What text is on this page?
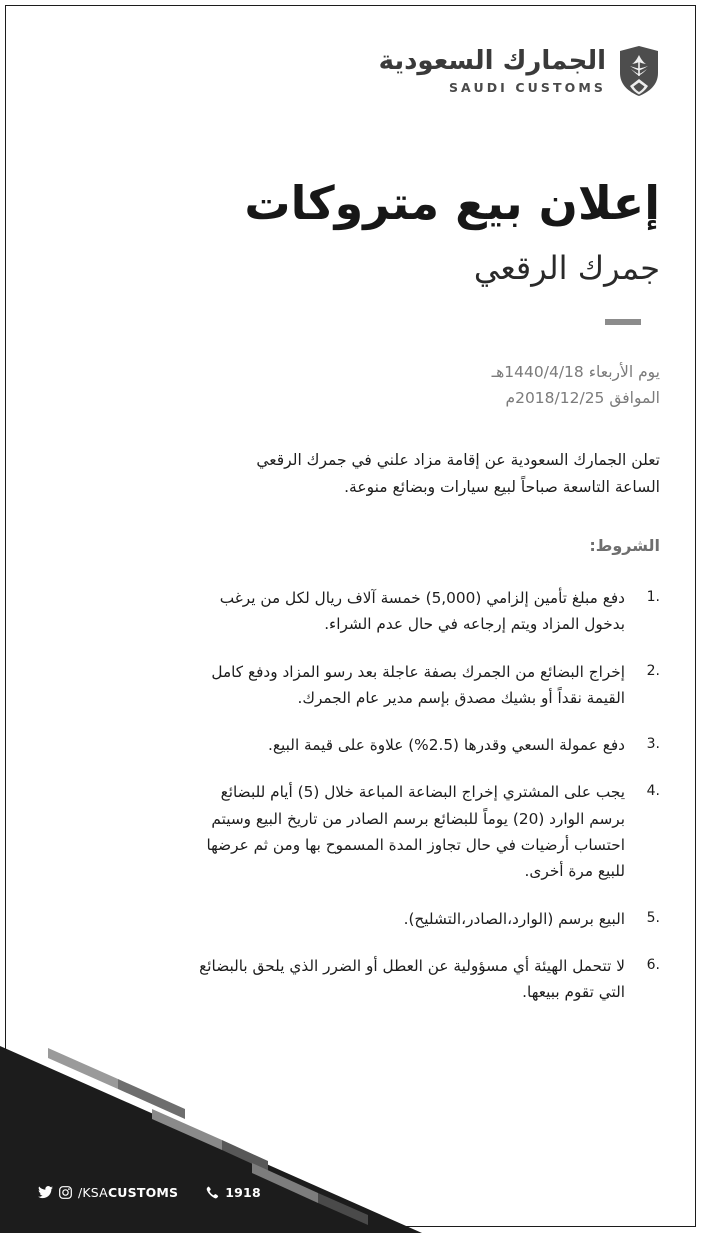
الجمارك السعودية
SAUDI CUSTOMS
إعلان بيع متروكات
جمرك الرقعي
يوم الأربعاء 1440/4/18هـ
الموافق 2018/12/25م
تعلن الجمارك السعودية عن إقامة مزاد علني في جمرك الرقعي الساعة التاسعة صباحاً لبيع سيارات وبضائع منوعة.
الشروط:
1.
دفع مبلغ تأمين إلزامي (5,000) خمسة آلاف ريال لكل من يرغب بدخول المزاد ويتم إرجاعه في حال عدم الشراء.
2.
إخراج البضائع من الجمرك بصفة عاجلة بعد رسو المزاد ودفع كامل القيمة نقداً أو بشيك مصدق بإسم مدير عام الجمرك.
3.
دفع عمولة السعي وقدرها (2.5%) علاوة على قيمة البيع.
4.
يجب على المشتري إخراج البضاعة المباعة خلال (5) أيام للبضائع برسم الوارد (20) يوماً للبضائع برسم الصادر من تاريخ البيع وسيتم احتساب أرضيات في حال تجاوز المدة المسموح بها ومن ثم عرضها للبيع مرة أخرى.
5.
البيع برسم (الوارد،الصادر،التشليح).
6.
لا تتحمل الهيئة أي مسؤولية عن العطل أو الضرر الذي يلحق بالبضائع التي تقوم ببيعها.
/KSACUSTOMS	1918
